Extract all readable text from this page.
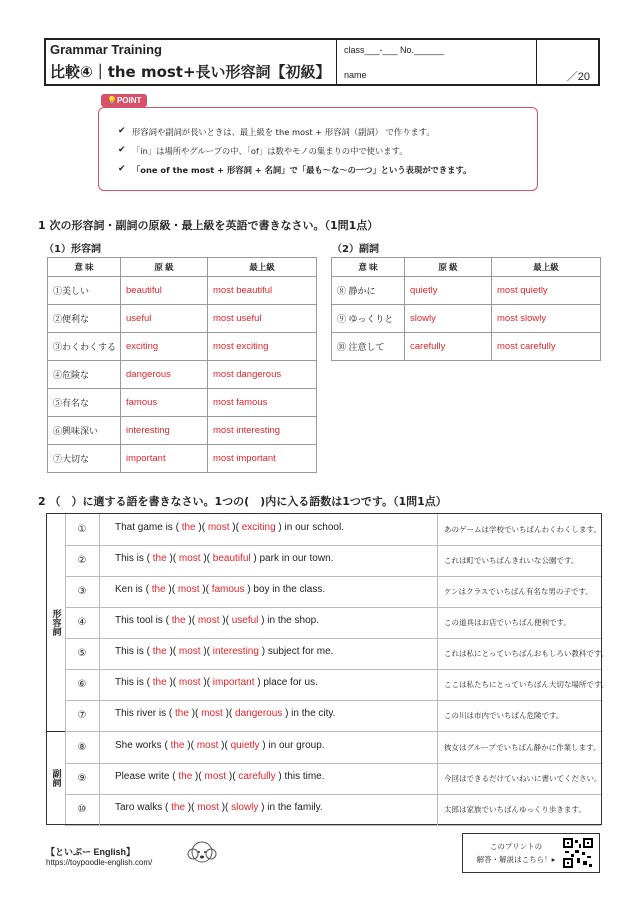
Grammar Training
比較④｜the most+長い形容詞【初級】
class___-___ No.______
name	／20
💡POINT
✔ 形容詞や副詞が長いときは、最上級を the most + 形容詞（副詞） で作ります。
✔ 「in」は場所やグループの中、「of」は数やモノの集まりの中で使います。
✔ 「one of the most + 形容詞 + 名詞」で「最も～な～の一つ」という表現ができます。
1 次の形容詞・副詞の原級・最上級を英語で書きなさい。（1問1点）
（1）形容詞	（2）副詞
意 味	原 級	最上級
①美しい	beautiful	most beautiful
②便利な	useful	most useful
③わくわくする	exciting	most exciting
④危険な	dangerous	most dangerous
⑤有名な	famous	most famous
⑥興味深い	interesting	most interesting
⑦大切な	important	most important
意 味	原 級	最上級
⑧ 静かに	quietly	most quietly
⑨ ゆっくりと	slowly	most slowly
⑩ 注意して	carefully	most carefully
2 （　）に適する語を書きなさい。1つの(　)内に入る語数は1つです。（1問1点）
形容詞
副詞
①	That game is ( the )( most )( exciting ) in our school.	あのゲームは学校でいちばんわくわくします。
②	This is ( the )( most )( beautiful ) park in our town.	これは町でいちばんきれいな公園です。
③	Ken is ( the )( most )( famous ) boy in the class.	ケンはクラスでいちばん有名な男の子です。
④	This tool is ( the )( most )( useful ) in the shop.	この道具はお店でいちばん便利です。
⑤	This is ( the )( most )( interesting ) subject for me.	これは私にとっていちばんおもしろい教科です。
⑥	This is ( the )( most )( important ) place for us.	ここは私たちにとっていちばん大切な場所です。
⑦	This river is ( the )( most )( dangerous ) in the city.	この川は市内でいちばん危険です。
⑧	She works ( the )( most )( quietly ) in our group.	彼女はグループでいちばん静かに作業します。
⑨	Please write ( the )( most )( carefully ) this time.	今回はできるだけていねいに書いてください。
⑩	Taro walks ( the )( most )( slowly ) in the family.	太郎は家族でいちばんゆっくり歩きます。
【といぷー English】
https://toypoodle-english.com/
このプリントの
解答・解説はこちら！▸
